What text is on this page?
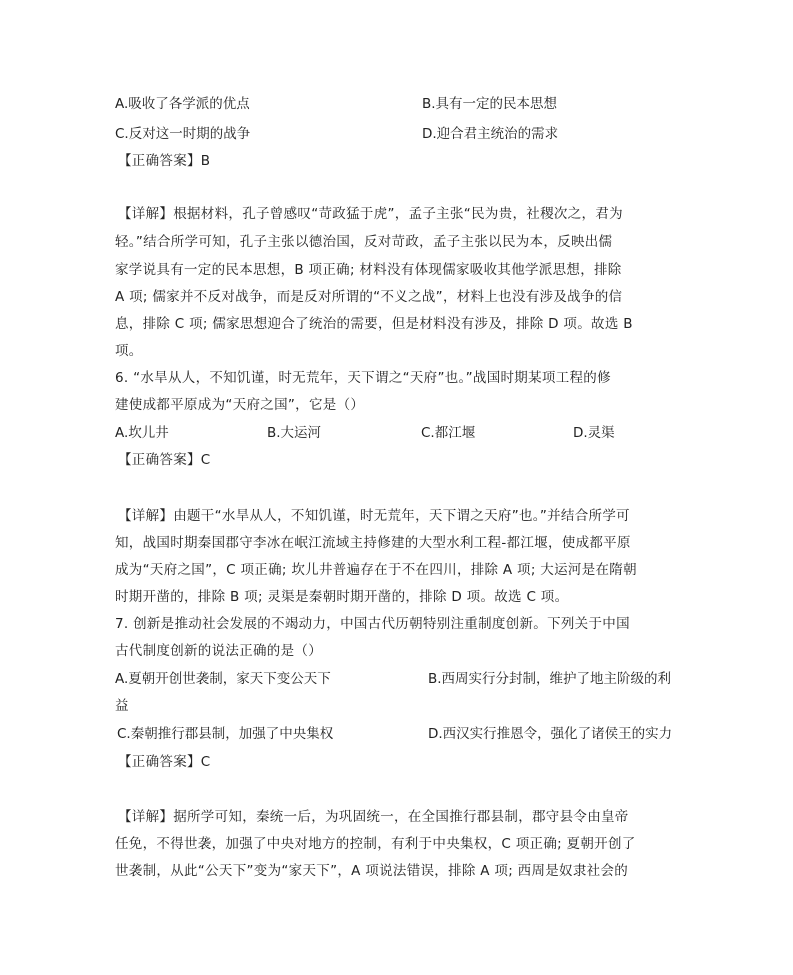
A.吸收了各学派的优点	B.具有一定的民本思想
C.反对这一时期的战争	D.迎合君主统治的需求
【正确答案】B
【详解】根据材料，孔子曾感叹“苛政猛于虎”，孟子主张“民为贵，社稷次之，君为
轻。”结合所学可知，孔子主张以德治国，反对苛政，孟子主张以民为本，反映出儒
家学说具有一定的民本思想，B 项正确; 材料没有体现儒家吸收其他学派思想，排除
A 项; 儒家并不反对战争，而是反对所谓的“不义之战”，材料上也没有涉及战争的信
息，排除 C 项; 儒家思想迎合了统治的需要，但是材料没有涉及，排除 D 项。故选 B
项。
6. “水旱从人，不知饥谨，时无荒年，天下谓之“天府”也。”战国时期某项工程的修
建使成都平原成为“天府之国”，它是（）
A.坎儿井	B.大运河	C.都江堰	D.灵渠
【正确答案】C
【详解】由题干“水旱从人，不知饥谨，时无荒年，天下谓之天府”也。”并结合所学可
知，战国时期秦国郡守李冰在岷江流域主持修建的大型水利工程-都江堰，使成都平原
成为“天府之国”，C 项正确; 坎儿井普遍存在于不在四川，排除 A 项; 大运河是在隋朝
时期开凿的，排除 B 项; 灵渠是秦朝时期开凿的，排除 D 项。故选 C 项。
7. 创新是推动社会发展的不竭动力，中国古代历朝特别注重制度创新。下列关于中国
古代制度创新的说法正确的是（）
A.夏朝开创世袭制，家天下变公天下	B.西周实行分封制，维护了地主阶级的利
益
C.秦朝推行郡县制，加强了中央集权	D.西汉实行推恩令，强化了诸侯王的实力
【正确答案】C
【详解】据所学可知，秦统一后，为巩固统一，在全国推行郡县制，郡守县令由皇帝
任免，不得世袭，加强了中央对地方的控制，有利于中央集权，C 项正确; 夏朝开创了
世袭制，从此“公天下”变为“家天下”，A 项说法错误，排除 A 项; 西周是奴隶社会的
